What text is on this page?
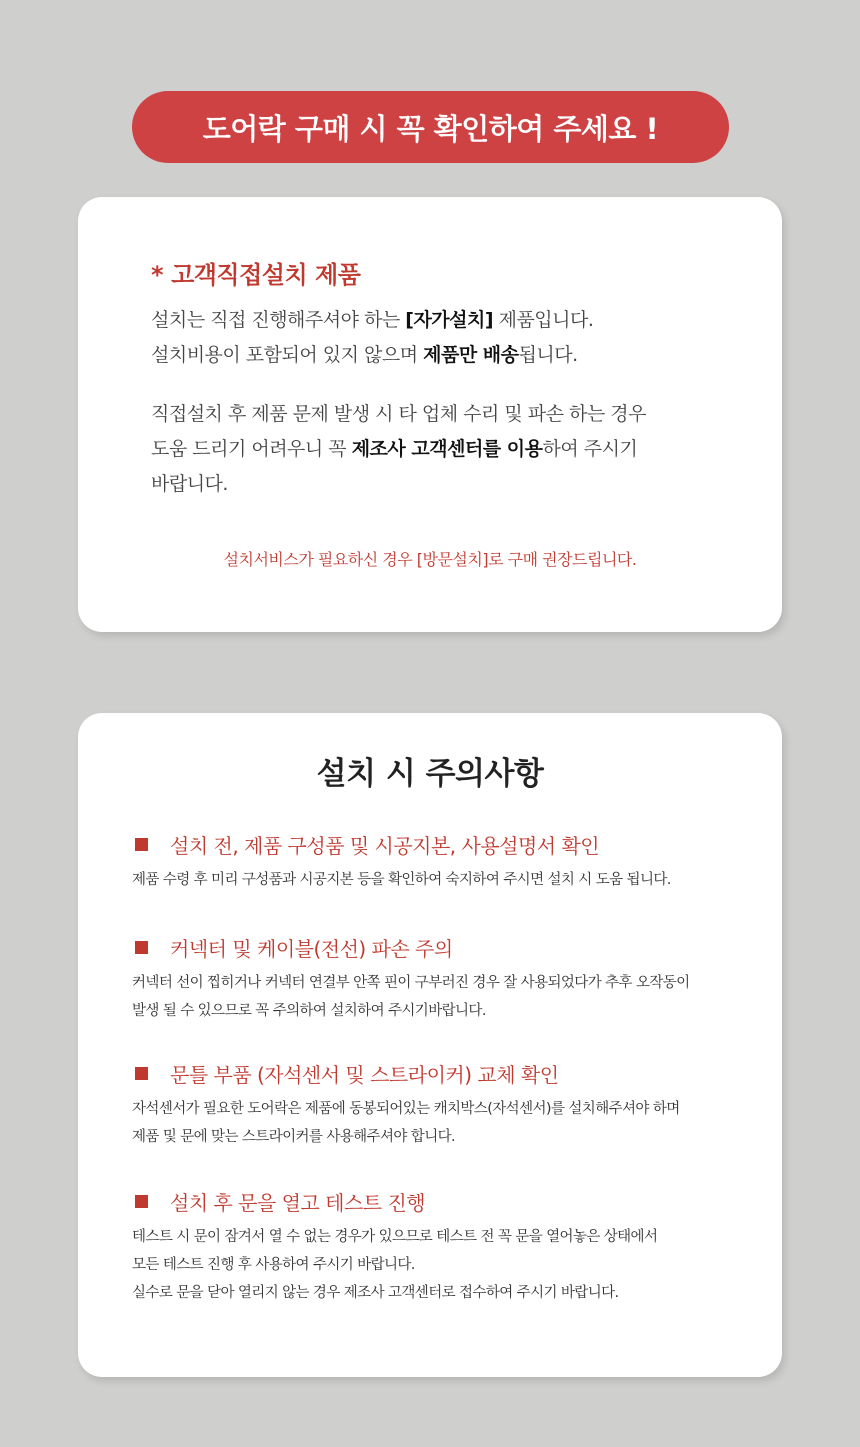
도어락 구매 시 꼭 확인하여 주세요 !
* 고객직접설치 제품
설치는 직접 진행해주셔야 하는 [자가설치] 제품입니다.
설치비용이 포함되어 있지 않으며 제품만 배송됩니다.
직접설치 후 제품 문제 발생 시 타 업체 수리 및 파손 하는 경우
도움 드리기 어려우니 꼭 제조사 고객센터를 이용하여 주시기
바랍니다.
설치서비스가 필요하신 경우 [방문설치]로 구매 권장드립니다.
설치 시 주의사항
설치 전, 제품 구성품 및 시공지본, 사용설명서 확인
제품 수령 후 미리 구성품과 시공지본 등을 확인하여 숙지하여 주시면 설치 시 도움 됩니다.
커넥터 및 케이블(전선) 파손 주의
커넥터 선이 찝히거나 커넥터 연결부 안쪽 핀이 구부러진 경우 잘 사용되었다가 추후 오작동이
발생 될 수 있으므로 꼭 주의하여 설치하여 주시기바랍니다.
문틀 부품 (자석센서 및 스트라이커) 교체 확인
자석센서가 필요한 도어락은 제품에 동봉되어있는 캐치박스(자석센서)를 설치해주셔야 하며
제품 및 문에 맞는 스트라이커를 사용해주셔야 합니다.
설치 후 문을 열고 테스트 진행
테스트 시 문이 잠겨서 열 수 없는 경우가 있으므로 테스트 전 꼭 문을 열어놓은 상태에서
모든 테스트 진행 후 사용하여 주시기 바랍니다.
실수로 문을 닫아 열리지 않는 경우 제조사 고객센터로 접수하여 주시기 바랍니다.
